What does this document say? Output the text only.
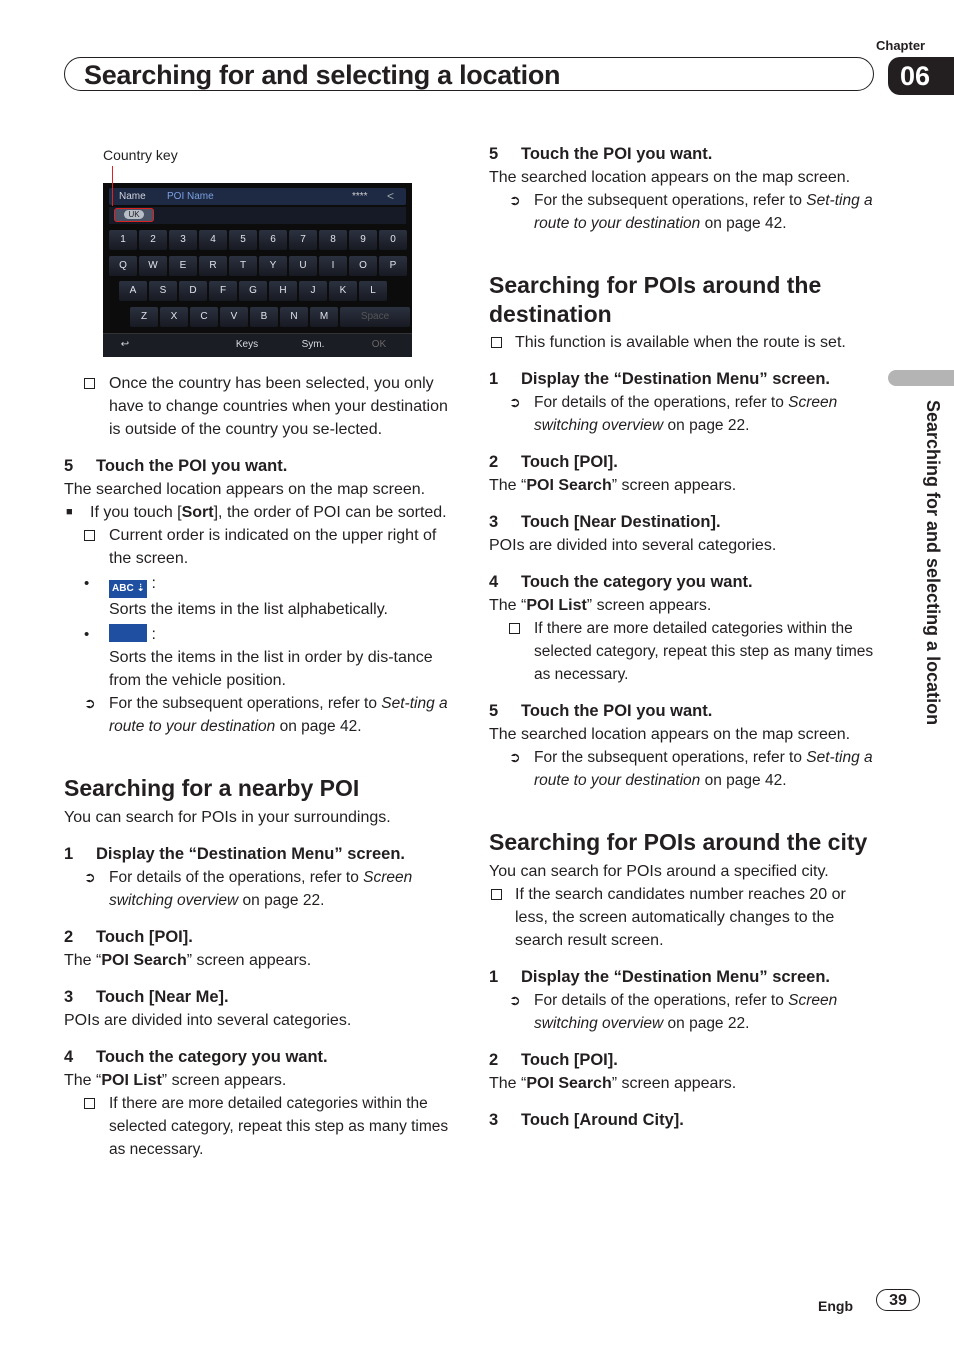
Chapter
06
Searching for and selecting a location
Searching for and selecting a location
Country key
Name POI Name	**** <
UK
1	2	3	4	5	6	7	8	9	0
Q	W	E	R	T	Y	U	I	O	P
A	S	D	F	G	H	J	K	L
Z	X	C	V	B	N	M	Space
↩	Keys	Sym.	OK
Once the country has been selected, you only have to change countries when your destination is outside of the country you se-lected.
5 Touch the POI you want.
The searched location appears on the map screen.
■ If you touch [Sort], the order of POI can be sorted.
Current order is indicated on the upper right of the screen.
• ABC ⇣ :
Sorts the items in the list alphabetically.
•	:
Sorts the items in the list in order by dis-tance from the vehicle position.
➲ For the subsequent operations, refer to Set-ting a route to your destination on page 42.
Searching for a nearby POI
You can search for POIs in your surroundings.
1 Display the “Destination Menu” screen.
➲ For details of the operations, refer to Screen switching overview on page 22.
2 Touch [POI].
The “POI Search” screen appears.
3 Touch [Near Me].
POIs are divided into several categories.
4 Touch the category you want.
The “POI List” screen appears.
If there are more detailed categories within the selected category, repeat this step as many times as necessary.
5 Touch the POI you want.
The searched location appears on the map screen.
➲ For the subsequent operations, refer to Set-ting a route to your destination on page 42.
Searching for POIs around the destination
This function is available when the route is set.
1 Display the “Destination Menu” screen.
➲ For details of the operations, refer to Screen switching overview on page 22.
2 Touch [POI].
The “POI Search” screen appears.
3 Touch [Near Destination].
POIs are divided into several categories.
4 Touch the category you want.
The “POI List” screen appears.
If there are more detailed categories within the selected category, repeat this step as many times as necessary.
5 Touch the POI you want.
The searched location appears on the map screen.
➲ For the subsequent operations, refer to Set-ting a route to your destination on page 42.
Searching for POIs around the city
You can search for POIs around a specified city.
If the search candidates number reaches 20 or less, the screen automatically changes to the search result screen.
1 Display the “Destination Menu” screen.
➲ For details of the operations, refer to Screen switching overview on page 22.
2 Touch [POI].
The “POI Search” screen appears.
3 Touch [Around City].
Engb	39
